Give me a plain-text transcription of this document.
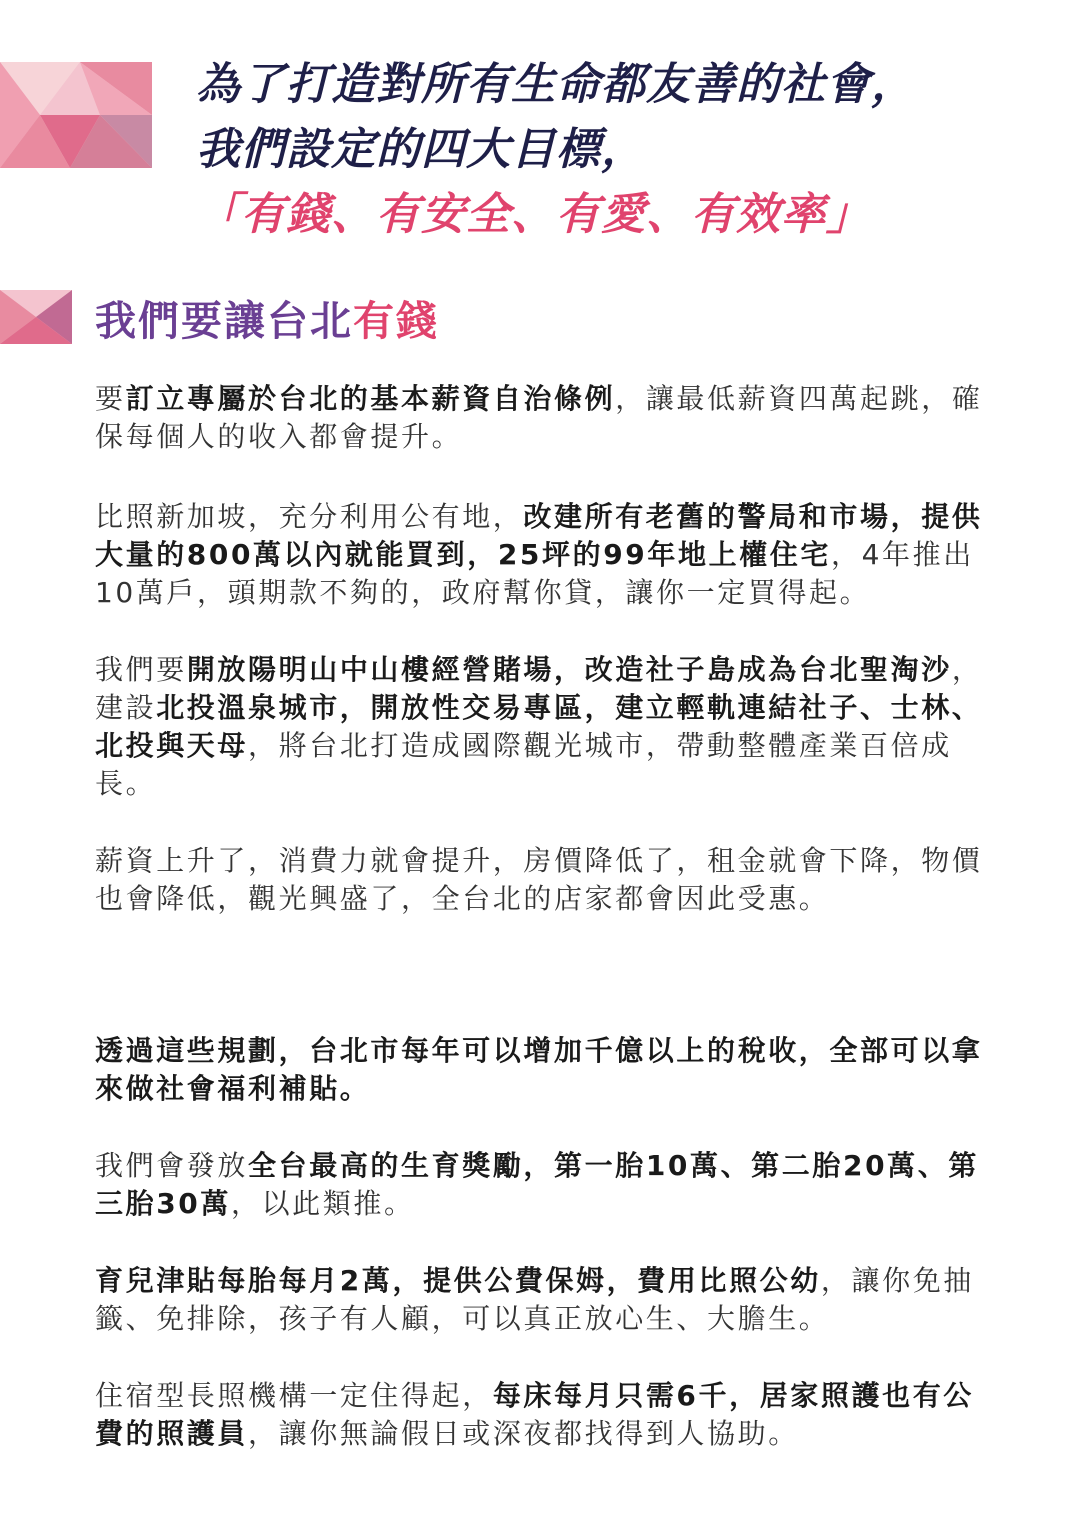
為了打造對所有生命都友善的社會，
我們設定的四大目標，
「有錢、有安全、有愛、有效率」
我們要讓台北有錢

要訂立專屬於台北的基本薪資自治條例，讓最低薪資四萬起跳，確保每個人的收入都會提升。

比照新加坡，充分利用公有地，改建所有老舊的警局和市場，提供大量的800萬以內就能買到，25坪的99年地上權住宅，4年推出10萬戶，頭期款不夠的，政府幫你貸，讓你一定買得起。

我們要開放陽明山中山樓經營賭場，改造社子島成為台北聖淘沙，建設北投溫泉城市，開放性交易專區，建立輕軌連結社子、士林、北投與天母，將台北打造成國際觀光城市，帶動整體產業百倍成長。

薪資上升了，消費力就會提升，房價降低了，租金就會下降，物價也會降低，觀光興盛了，全台北的店家都會因此受惠。

透過這些規劃，台北市每年可以增加千億以上的稅收，全部可以拿來做社會福利補貼。

我們會發放全台最高的生育獎勵，第一胎10萬、第二胎20萬、第三胎30萬，以此類推。

育兒津貼每胎每月2萬，提供公費保姆，費用比照公幼，讓你免抽籤、免排除，孩子有人顧，可以真正放心生、大膽生。

住宿型長照機構一定住得起，每床每月只需6千，居家照護也有公費的照護員，讓你無論假日或深夜都找得到人協助。
